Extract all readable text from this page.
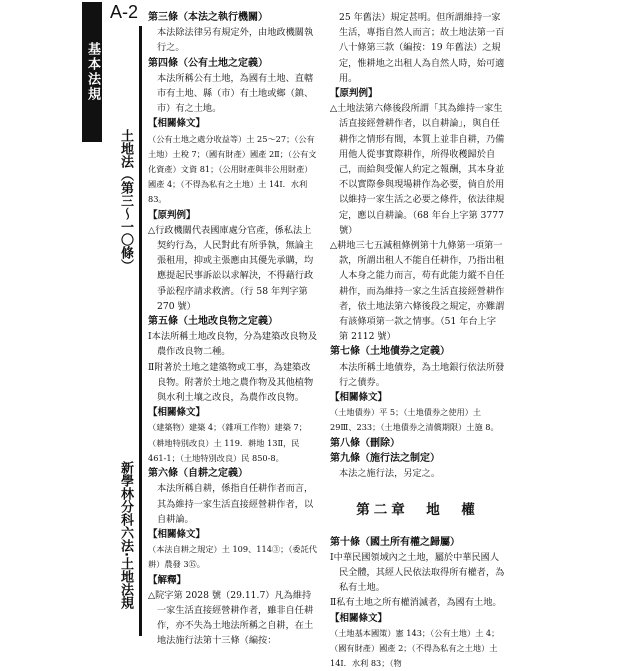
基本法規
A-2
土地法（第三～一〇條）
新學林分科六法·土地法規
第三條（本法之執行機關）
本法除法律另有規定外，由地政機關執行之。
第四條（公有土地之定義）
本法所稱公有土地，為國有土地、直轄市有土地、縣（市）有土地或鄉（鎮、市）有之土地。
【相關條文】
（公有土地之處分收益等）土 25～27；（公有土地）土稅 7；（國有財產）國產 2Ⅱ；（公有文化資產）文資 81；（公用財產與非公用財產）國產 4；（不得為私有之土地）土 14Ⅰ．水利 83。
【原判例】
△行政機關代表國庫處分官產，係私法上契約行為，人民對此有所爭執，無論主張租用，抑或主張應由其優先承購，均應提起民事訴訟以求解決，不得藉行政爭訟程序請求救濟。（行 58 年判字第 270 號）
第五條（土地改良物之定義）
Ⅰ本法所稱土地改良物，分為建築改良物及農作改良物二種。
Ⅱ附著於土地之建築物或工事，為建築改良物。附著於土地之農作物及其他植物與水利土壤之改良，為農作改良物。
【相關條文】
（建築物）建築 4；（雜項工作物）建築 7；（耕地特別改良）土 119．耕地 13Ⅱ，民 461-1；（土地特別改良）民 850-8。
第六條（自耕之定義）
本法所稱自耕，係指自任耕作者而言，其為維持一家生活直接經營耕作者，以自耕論。
【相關條文】
（本法自耕之規定）土 109、114③；（委託代耕）農發 3⑮。
【解釋】
△院字第 2028 號（29.11.7）凡為維持一家生活直接經營耕作者，雖非自任耕作，亦不失為土地法所稱之自耕，在土地法施行法第十三條（編按：
25 年舊法）規定甚明。但所謂維持一家生活，專指自然人而言；故土地法第一百八十條第三款（編按：19 年舊法）之規定，惟耕地之出租人為自然人時，始可適用。
【原判例】
△土地法第六條後段所謂「其為維持一家生活直接經營耕作者，以自耕論」，與自任耕作之情形有間，本質上並非自耕，乃備用他人從事實際耕作，所得收穫歸於自己，而給與受僱人約定之報酬，其本身並不以實際參與現場耕作為必要，倘自於用以維持一家生活之必要之條件，依法律規定，應以自耕論。（68 年台上字第 3777 號）
△耕地三七五減租條例第十九條第一項第一款，所謂出租人不能自任耕作，乃指出租人本身之能力而言，苟有此能力縱不自任耕作，而為維持一家之生活直接經營耕作者，依土地法第六條後段之規定，亦難謂有該條項第一款之情事。（51 年台上字第 2112 號）
第七條（土地債券之定義）
本法所稱土地債券，為土地銀行依法所發行之債券。
【相關條文】
（土地債券）平 5；（土地債券之使用）土 29Ⅲ、233；（土地債券之清償期限）土施 8。
第八條（刪除）
第九條（施行法之制定）
本法之施行法，另定之。
第二章　地　權
第十條（國土所有權之歸屬）
Ⅰ中華民國領域內之土地，屬於中華民國人民全體，其經人民依法取得所有權者，為私有土地。
Ⅱ私有土地之所有權消滅者，為國有土地。
【相關條文】
（土地基本國策）憲 143；（公有土地）土 4；（國有財產）國產 2；（不得為私有之土地）土 14Ⅰ．水利 83；（物
